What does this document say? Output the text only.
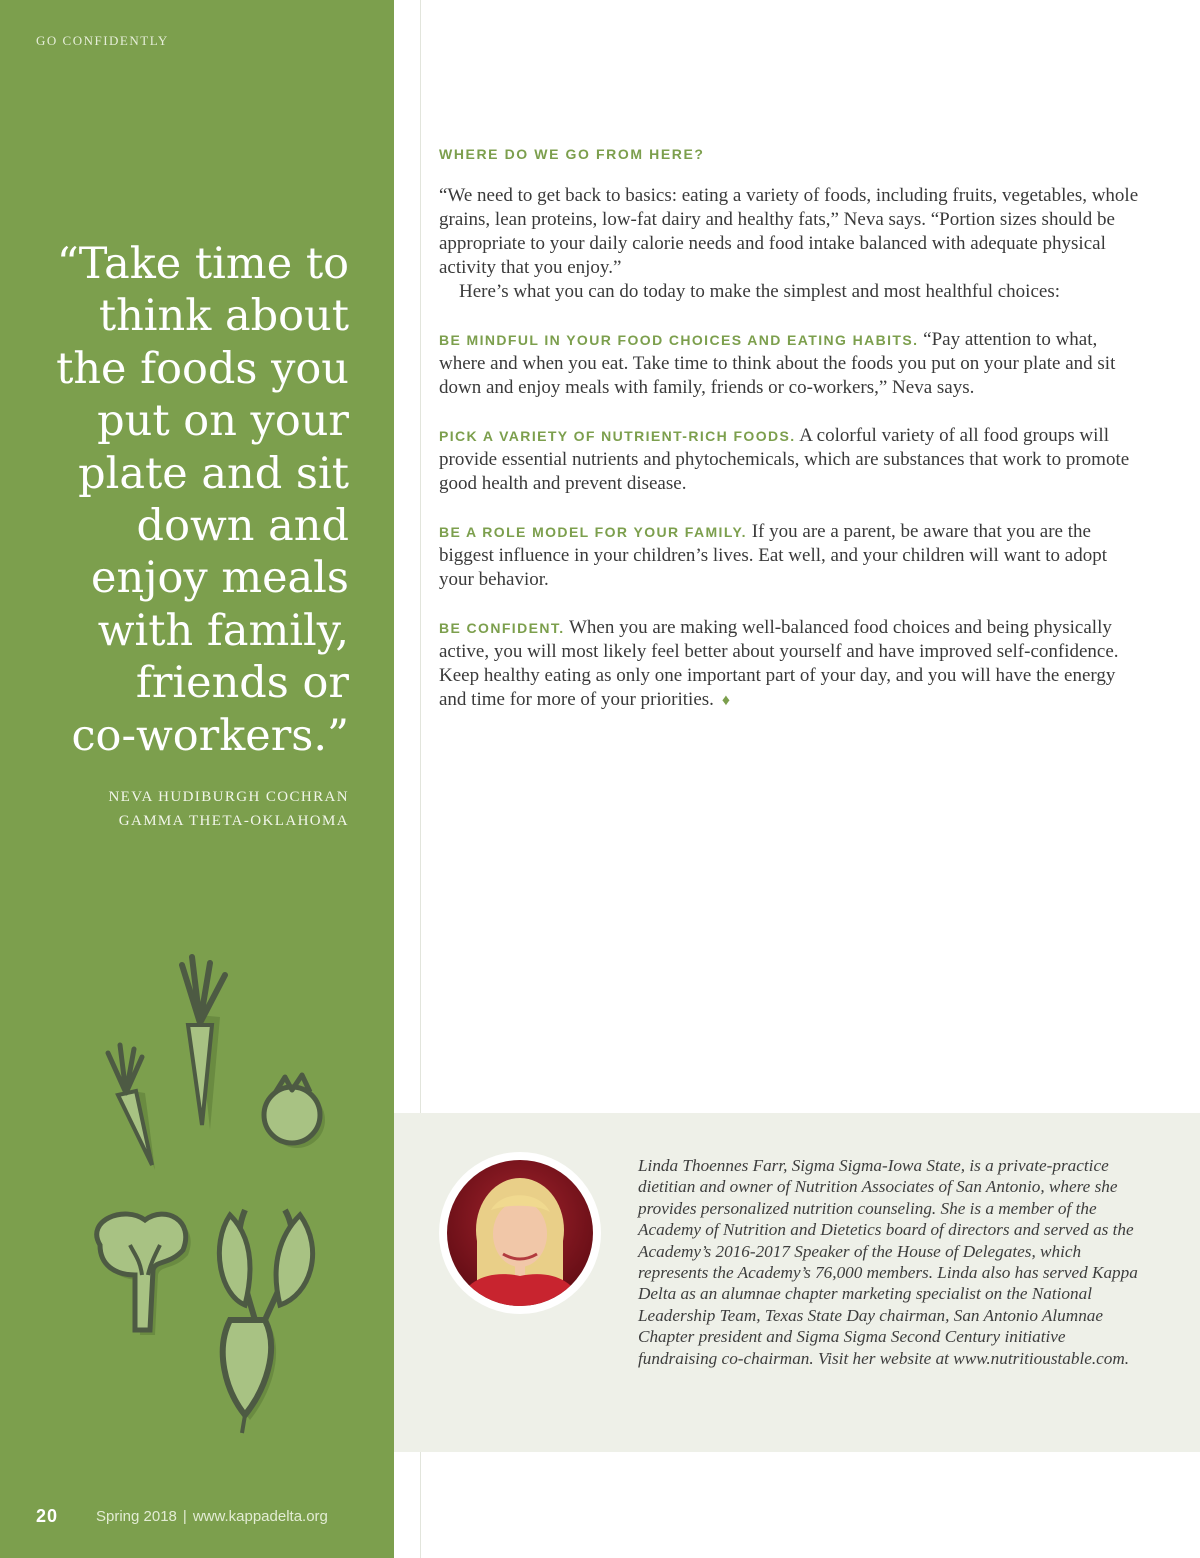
GO CONFIDENTLY
“Take time to
think about
the foods you
put on your
plate and sit
down and
enjoy meals
with family,
friends or
co-workers.”
NEVA HUDIBURGH COCHRAN
GAMMA THETA-OKLAHOMA
20	Spring 2018 | www.kappadelta.org
WHERE DO WE GO FROM HERE?

“We need to get back to basics: eating a variety of foods, including fruits, vegetables, whole grains, lean proteins, low-fat dairy and healthy fats,” Neva says. “Portion sizes should be appropriate to your daily calorie needs and food intake balanced with adequate physical activity that you enjoy.”
Here’s what you can do today to make the simplest and most healthful choices:

BE MINDFUL IN YOUR FOOD CHOICES AND EATING HABITS. “Pay attention to what, where and when you eat. Take time to think about the foods you put on your plate and sit down and enjoy meals with family, friends or co-workers,” Neva says.

PICK A VARIETY OF NUTRIENT-RICH FOODS. A colorful variety of all food groups will provide essential nutrients and phytochemicals, which are substances that work to promote good health and prevent disease.

BE A ROLE MODEL FOR YOUR FAMILY. If you are a parent, be aware that you are the biggest influence in your children’s lives. Eat well, and your children will want to adopt your behavior.

BE CONFIDENT. When you are making well-balanced food choices and being physically active, you will most likely feel better about yourself and have improved self-confidence. Keep healthy eating as only one important part of your day, and you will have the energy and time for more of your priorities. ♦

Linda Thoennes Farr, Sigma Sigma-Iowa State, is a private-practice dietitian and owner of Nutrition Associates of San Antonio, where she provides personalized nutrition counseling. She is a member of the Academy of Nutrition and Dietetics board of directors and served as the Academy’s 2016-2017 Speaker of the House of Delegates, which represents the Academy’s 76,000 members. Linda also has served Kappa Delta as an alumnae chapter marketing specialist on the National Leadership Team, Texas State Day chairman, San Antonio Alumnae Chapter president and Sigma Sigma Second Century initiative fundraising co-chairman. Visit her website at www.nutritioustable.com.
